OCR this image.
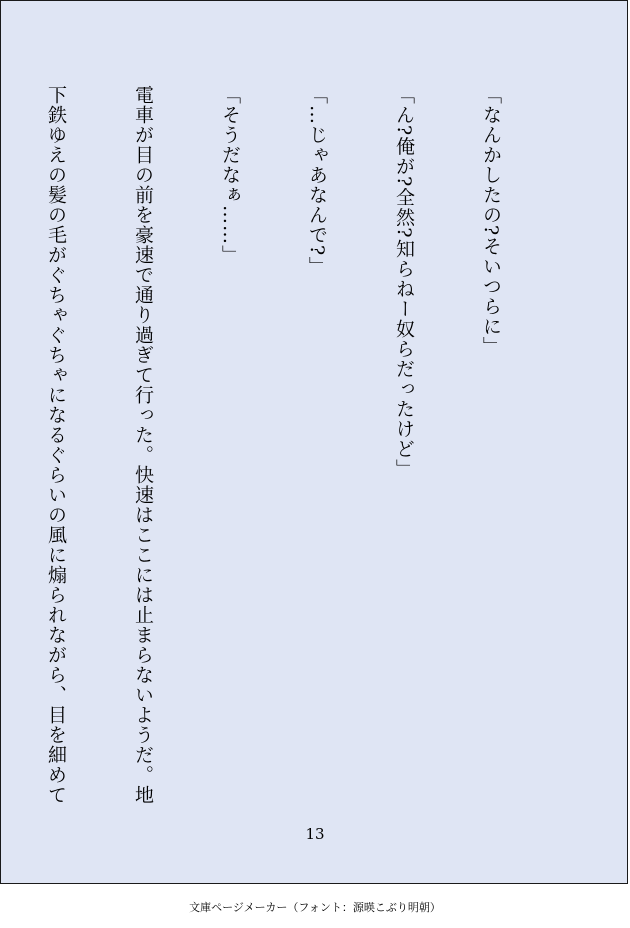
「なんかしたの?そいつらに」

「ん?俺が?全然?知らねー奴らだったけど」

「…じゃあなんで?」

「そうだなぁ……」

電車が目の前を豪速で通り過ぎて行った。快速はここには止まらないようだ。地

下鉄ゆえの髪の毛がぐちゃぐちゃになるぐらいの風に煽られながら、目を細めて

13
文庫ページメーカー（フォント：源暎こぶり明朝）
